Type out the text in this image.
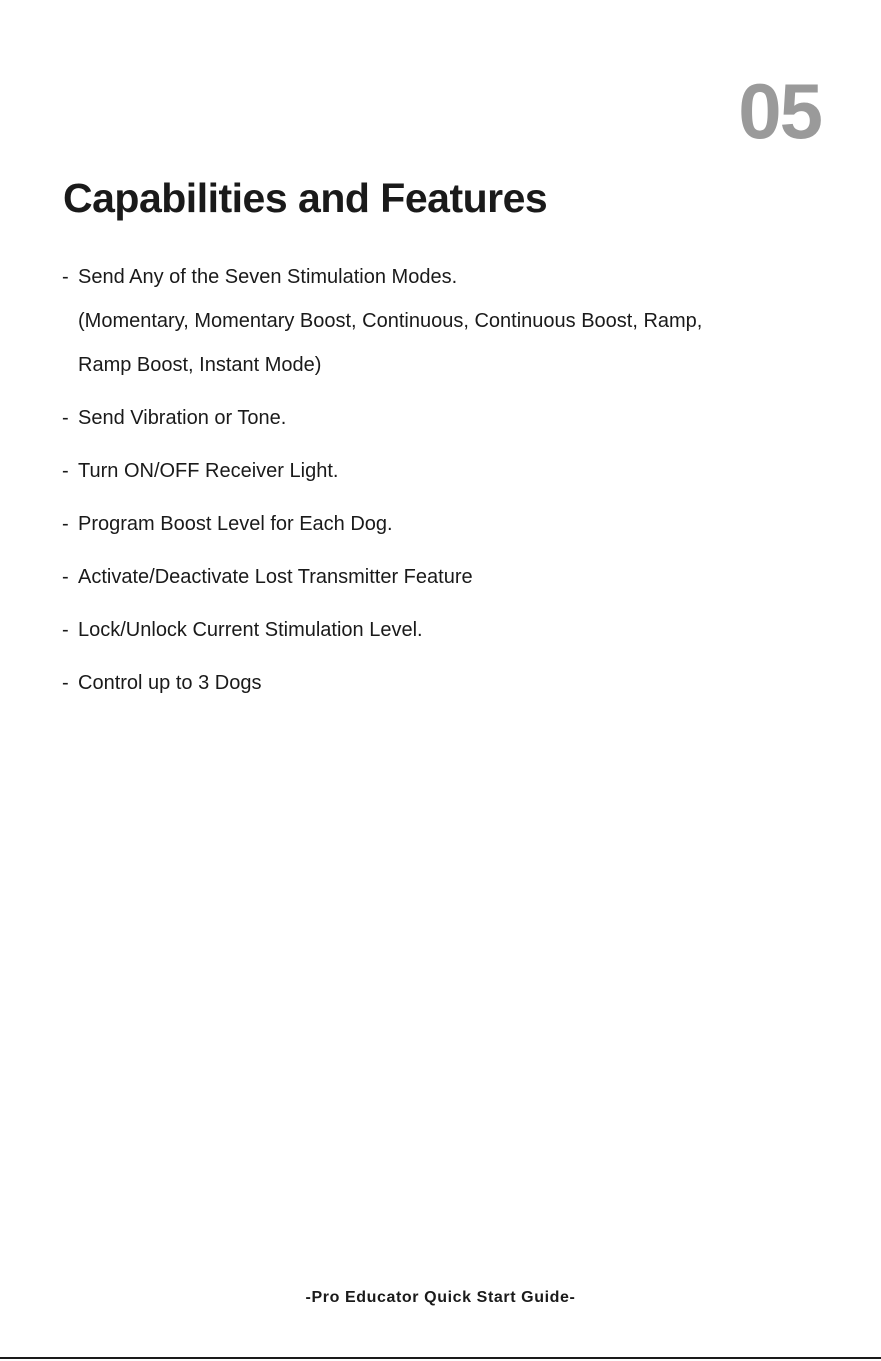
05
Capabilities and Features
- Send Any of the Seven Stimulation Modes.
(Momentary, Momentary Boost, Continuous, Continuous Boost, Ramp,
Ramp Boost, Instant Mode)
- Send Vibration or Tone.
- Turn ON/OFF Receiver Light.
- Program Boost Level for Each Dog.
- Activate/Deactivate Lost Transmitter Feature
- Lock/Unlock Current Stimulation Level.
- Control up to 3 Dogs
-Pro Educator Quick Start Guide-
